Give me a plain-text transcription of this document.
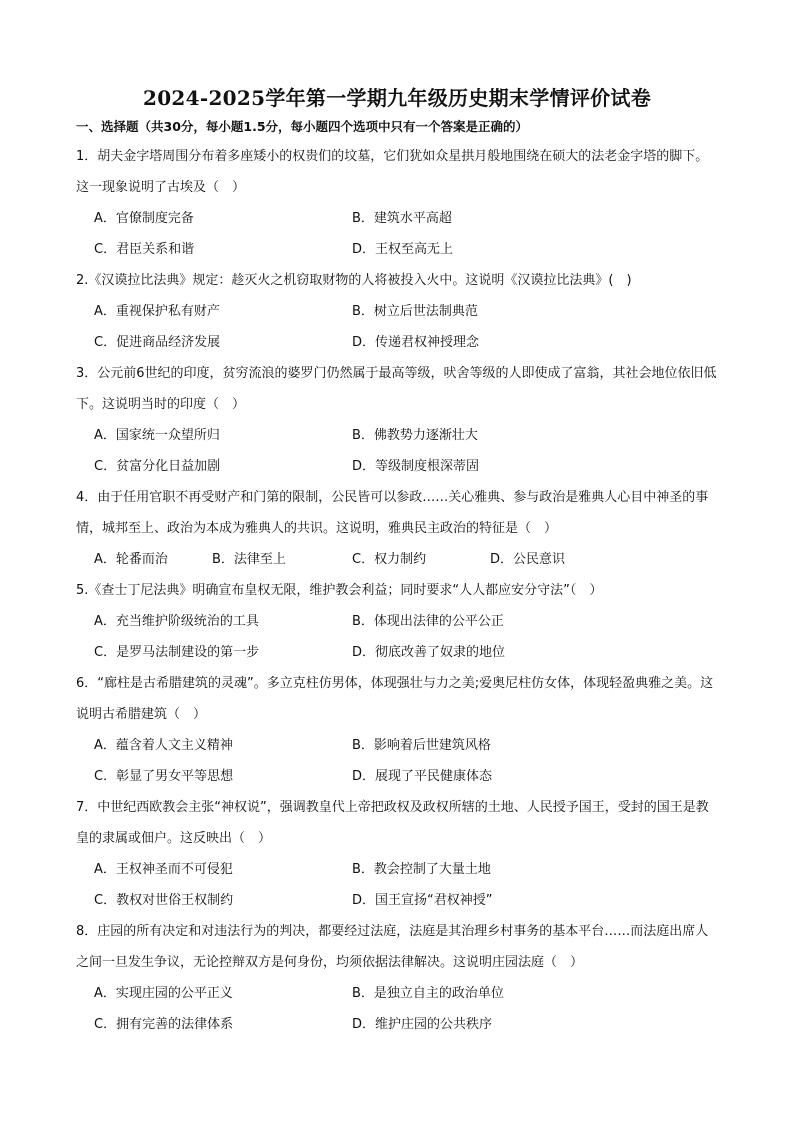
2024-2025学年第一学期九年级历史期末学情评价试卷
一、选择题（共30分，每小题1.5分，每小题四个选项中只有一个答案是正确的）

1．胡夫金字塔周围分布着多座矮小的权贵们的坟墓，它们犹如众星拱月般地围绕在硕大的法老金字塔的脚下。这一现象说明了古埃及（　）

A．官僚制度完备	B．建筑水平高超
C．君臣关系和谐	D．王权至高无上

2.《汉谟拉比法典》规定：趁灭火之机窃取财物的人将被投入火中。这说明《汉谟拉比法典》(　)

A．重视保护私有财产	B．树立后世法制典范
C．促进商品经济发展	D．传递君权神授理念

3．公元前6世纪的印度，贫穷流浪的婆罗门仍然属于最高等级，吠舍等级的人即使成了富翁，其社会地位依旧低下。这说明当时的印度（　）

A．国家统一众望所归	B．佛教势力逐渐壮大
C．贫富分化日益加剧	D．等级制度根深蒂固

4．由于任用官职不再受财产和门第的限制，公民皆可以参政……关心雅典、参与政治是雅典人心目中神圣的事情，城邦至上、政治为本成为雅典人的共识。这说明，雅典民主政治的特征是（　）

A．轮番而治	B．法律至上	C．权力制约	D．公民意识

5.《查士丁尼法典》明确宣布皇权无限，维护教会利益；同时要求“人人都应安分守法”（　）

A．充当维护阶级统治的工具	B．体现出法律的公平公正
C．是罗马法制建设的第一步	D．彻底改善了奴隶的地位

6．“廊柱是古希腊建筑的灵魂”。多立克柱仿男体，体现强壮与力之美;爱奥尼柱仿女体，体现轻盈典雅之美。这说明古希腊建筑（　）

A．蕴含着人文主义精神	B．影响着后世建筑风格
C．彰显了男女平等思想	D．展现了平民健康体态

7．中世纪西欧教会主张“神权说”，强调教皇代上帝把政权及政权所辖的土地、人民授予国王，受封的国王是教皇的隶属或佃户。这反映出（　）

A．王权神圣而不可侵犯	B．教会控制了大量土地
C．教权对世俗王权制约	D．国王宣扬“君权神授”

8．庄园的所有决定和对违法行为的判决，都要经过法庭，法庭是其治理乡村事务的基本平台……而法庭出席人之间一旦发生争议，无论控辩双方是何身份，均须依据法律解决。这说明庄园法庭（　）

A．实现庄园的公平正义	B．是独立自主的政治单位
C．拥有完善的法律体系	D．维护庄园的公共秩序
